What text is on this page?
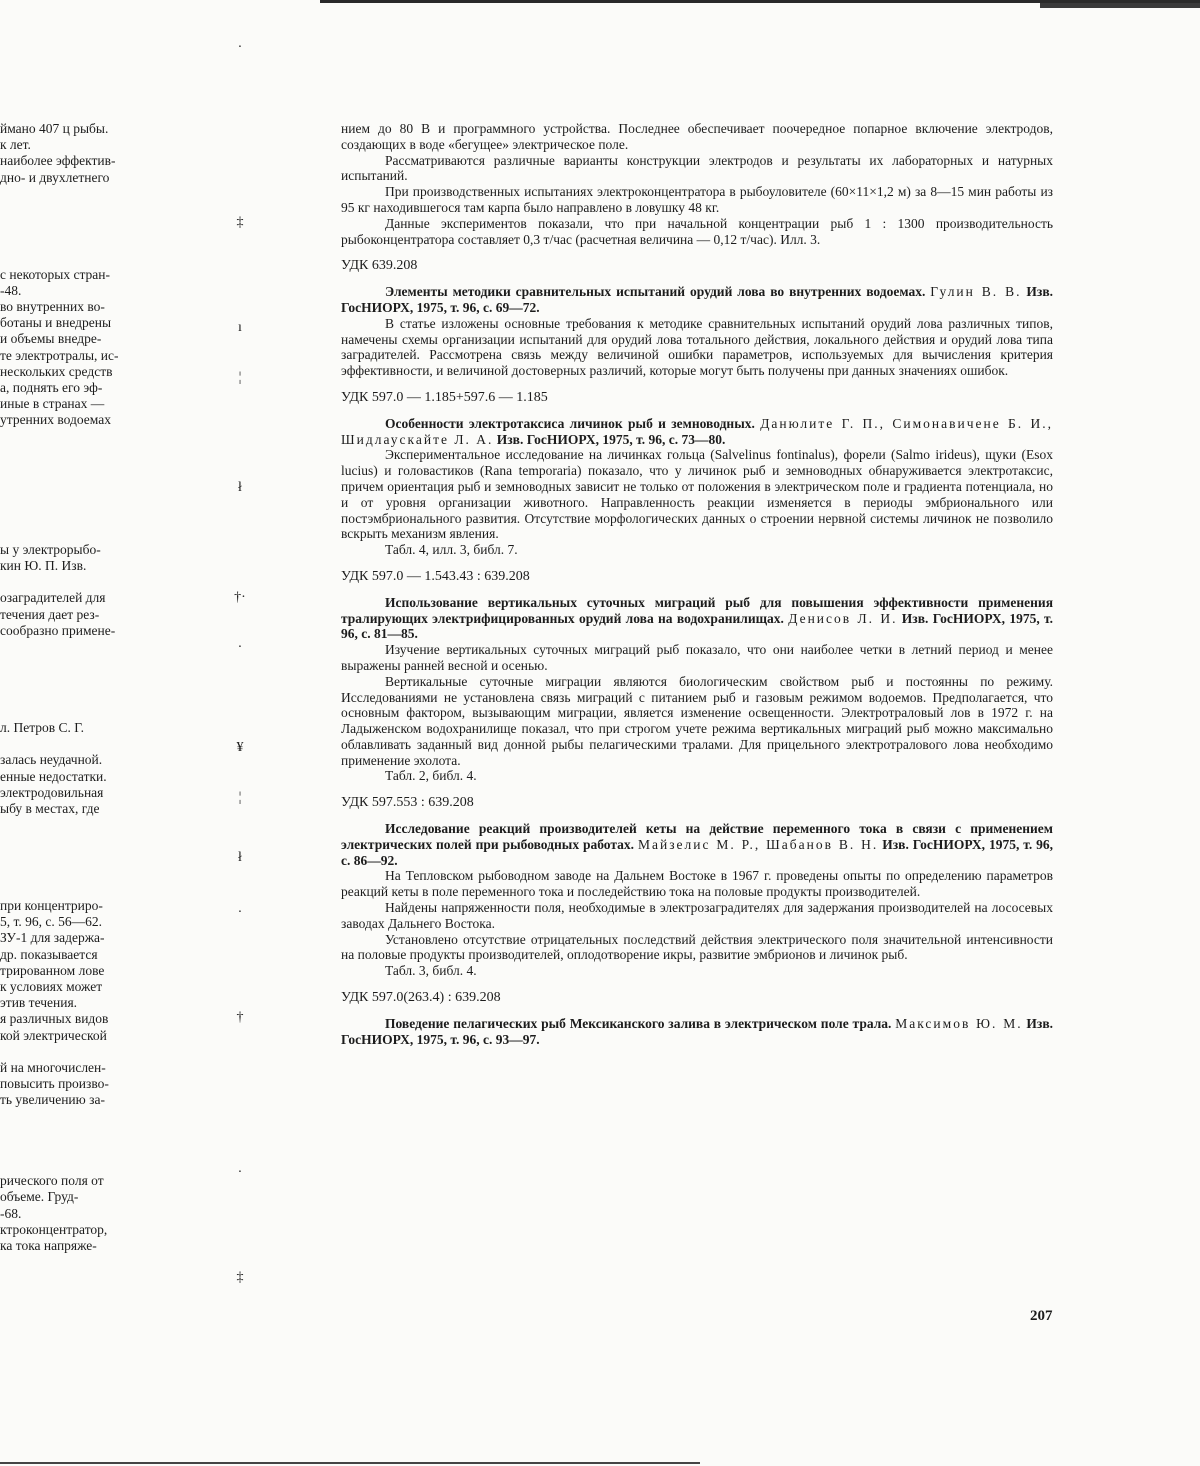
ймано 407 ц рыбы.
к лет.
наиболее эффектив-
дно- и двухлетнего
с некоторых стран-
-48.
во внутренних во-
ботаны и внедрены
и объемы внедре-
те электротралы, ис-
нескольких средств
а, поднять его эф-
иные в странах —
утренних водоемах
ы у электрорыбо-
кин Ю. П. Изв.
озаградителей для
течения дает рез-
сообразно примене-
л. Петров С. Г.
залась неудачной.
енные недостатки.
электродовильная
ыбу в местах, где
при концентриро-
5, т. 96, с. 56—62.
ЗУ-1 для задержа-
др. показывается
трированном лове
к условиях может
этив течения.
я различных видов
кой электрической
й на многочислен-
повысить произво-
ть увеличению за-
рического поля от
объеме. Груд-
-68.
ктроконцентратор,
ка тока напряже-
·
‡
ı
¦
ł
†·
·
¥
¦
ł
·
†
·
‡

нием до 80 В и программного устройства. Последнее обеспечивает поочередное попарное включение электродов, создающих в воде «бегущее» электрическое поле.

Рассматриваются различные варианты конструкции электродов и результаты их лабораторных и натурных испытаний.

При производственных испытаниях электроконцентратора в рыбоуловителе (60×11×1,2 м) за 8—15 мин работы из 95 кг находившегося там карпа было направлено в ловушку 48 кг.

Данные экспериментов показали, что при начальной концентрации рыб 1 : 1300 производительность рыбоконцентратора составляет 0,3 т/час (расчетная величина — 0,12 т/час). Илл. 3.

УДК 639.208

Элементы методики сравнительных испытаний орудий лова во внутренних водоемах. Гулин В. В. Изв. ГосНИОРХ, 1975, т. 96, с. 69—72.

В статье изложены основные требования к методике сравнительных испытаний орудий лова различных типов, намечены схемы организации испытаний для орудий лова тотального действия, локального действия и орудий лова типа заградителей. Рассмотрена связь между величиной ошибки параметров, используемых для вычисления критерия эффективности, и величиной достоверных различий, которые могут быть получены при данных значениях ошибок.

УДК 597.0 — 1.185+597.6 — 1.185

Особенности электротаксиса личинок рыб и земноводных. Данюлите Г. П., Симонавичене Б. И., Шидлаускайте Л. А. Изв. ГосНИОРХ, 1975, т. 96, с. 73—80.

Экспериментальное исследование на личинках гольца (Salvelinus fontinalus), форели (Salmo irideus), щуки (Esox lucius) и головастиков (Rana temporaria) показало, что у личинок рыб и земноводных обнаруживается электротаксис, причем ориентация рыб и земноводных зависит не только от положения в электрическом поле и градиента потенциала, но и от уровня организации животного. Направленность реакции изменяется в периоды эмбрионального или постэмбрионального развития. Отсутствие морфологических данных о строении нервной системы личинок не позволило вскрыть механизм явления.

Табл. 4, илл. 3, библ. 7.

УДК 597.0 — 1.543.43 : 639.208

Использование вертикальных суточных миграций рыб для повышения эффективности применения тралирующих электрифицированных орудий лова на водохранилищах. Денисов Л. И. Изв. ГосНИОРХ, 1975, т. 96, с. 81—85.

Изучение вертикальных суточных миграций рыб показало, что они наиболее четки в летний период и менее выражены ранней весной и осенью.

Вертикальные суточные миграции являются биологическим свойством рыб и постоянны по режиму. Исследованиями не установлена связь миграций с питанием рыб и газовым режимом водоемов. Предполагается, что основным фактором, вызывающим миграции, является изменение освещенности. Электротраловый лов в 1972 г. на Ладыженском водохранилище показал, что при строгом учете режима вертикальных миграций рыб можно максимально облавливать заданный вид донной рыбы пелагическими тралами. Для прицельного электротралового лова необходимо применение эхолота.

Табл. 2, библ. 4.

УДК 597.553 : 639.208

Исследование реакций производителей кеты на действие переменного тока в связи с применением электрических полей при рыбоводных работах. Майзелис М. Р., Шабанов В. Н. Изв. ГосНИОРХ, 1975, т. 96, с. 86—92.

На Тепловском рыбоводном заводе на Дальнем Востоке в 1967 г. проведены опыты по определению параметров реакций кеты в поле переменного тока и последействию тока на половые продукты производителей.

Найдены напряженности поля, необходимые в электрозаградителях для задержания производителей на лососевых заводах Дальнего Востока.

Установлено отсутствие отрицательных последствий действия электрического поля значительной интенсивности на половые продукты производителей, оплодотворение икры, развитие эмбрионов и личинок рыб.

Табл. 3, библ. 4.

УДК 597.0(263.4) : 639.208

Поведение пелагических рыб Мексиканского залива в электрическом поле трала. Максимов Ю. М. Изв. ГосНИОРХ, 1975, т. 96, с. 93—97.

207
